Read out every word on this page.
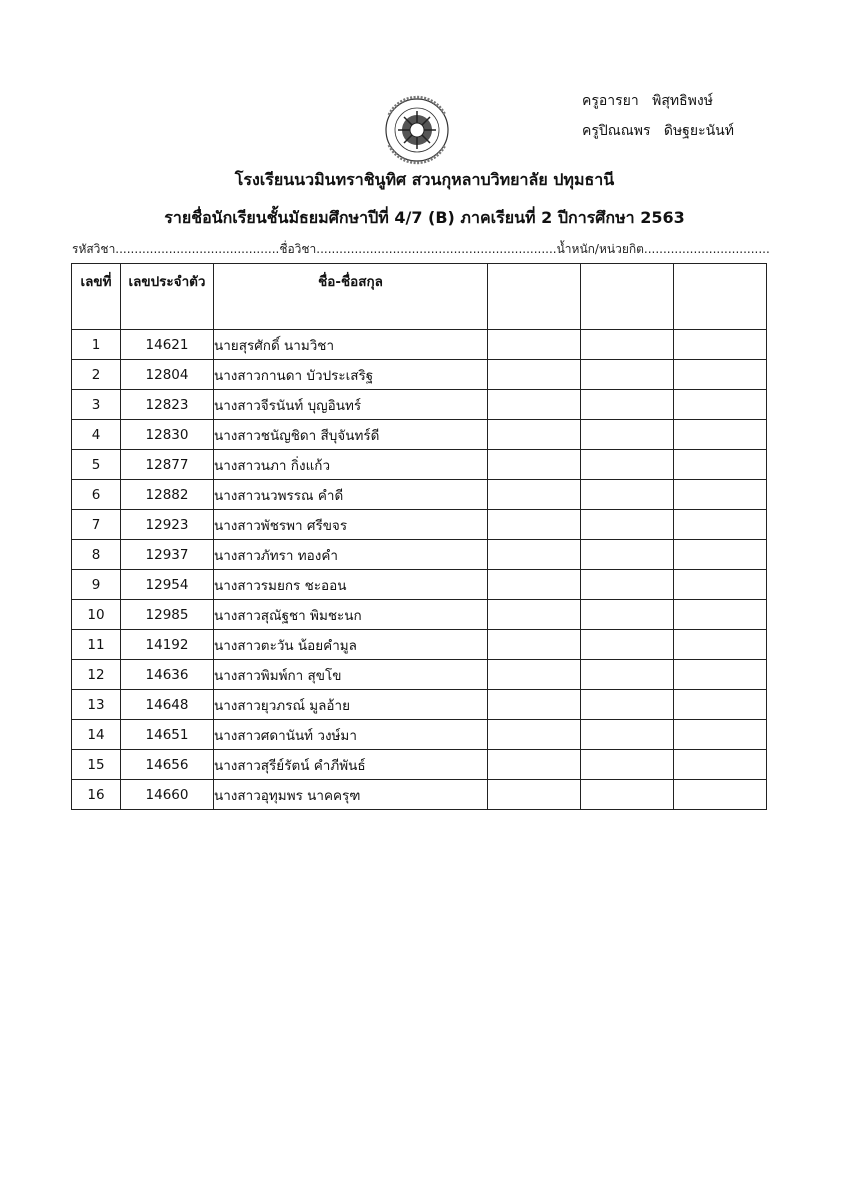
ครูอารยา   พิสุทธิพงษ์
ครูปิณณพร   ดิษฐยะนันท์
โรงเรียนนวมินทราชินูทิศ สวนกุหลาบวิทยาลัย ปทุมธานี
รายชื่อนักเรียนชั้นมัธยมศึกษาปีที่ 4/7 (B) ภาคเรียนที่ 2 ปีการศึกษา 2563
รหัสวิชา...........................................ชื่อวิชา...............................................................น้ำหนัก/หน่วยกิต.................................
เลขที่	เลขประจำตัว	ชื่อ-ชื่อสกุล			
1	14621	นายสุรศักดิ์ นามวิชา			
2	12804	นางสาวกานดา บัวประเสริฐ			
3	12823	นางสาวจีรนันท์ บุญอินทร์			
4	12830	นางสาวชนัญชิดา สีบุจันทร์ดี			
5	12877	นางสาวนภา กิ่งแก้ว			
6	12882	นางสาวนวพรรณ คำดี			
7	12923	นางสาวพัชรพา ศรีขจร			
8	12937	นางสาวภัทรา ทองคำ			
9	12954	นางสาวรมยกร ชะออน			
10	12985	นางสาวสุณัฐชา พิมชะนก			
11	14192	นางสาวตะวัน น้อยคำมูล			
12	14636	นางสาวพิมพ์กา สุขโข			
13	14648	นางสาวยุวภรณ์ มูลอ้าย			
14	14651	นางสาวศดานันท์ วงษ์มา			
15	14656	นางสาวสุรีย์รัตน์ คำภีพันธ์			
16	14660	นางสาวอุทุมพร นาคครุฑ			
